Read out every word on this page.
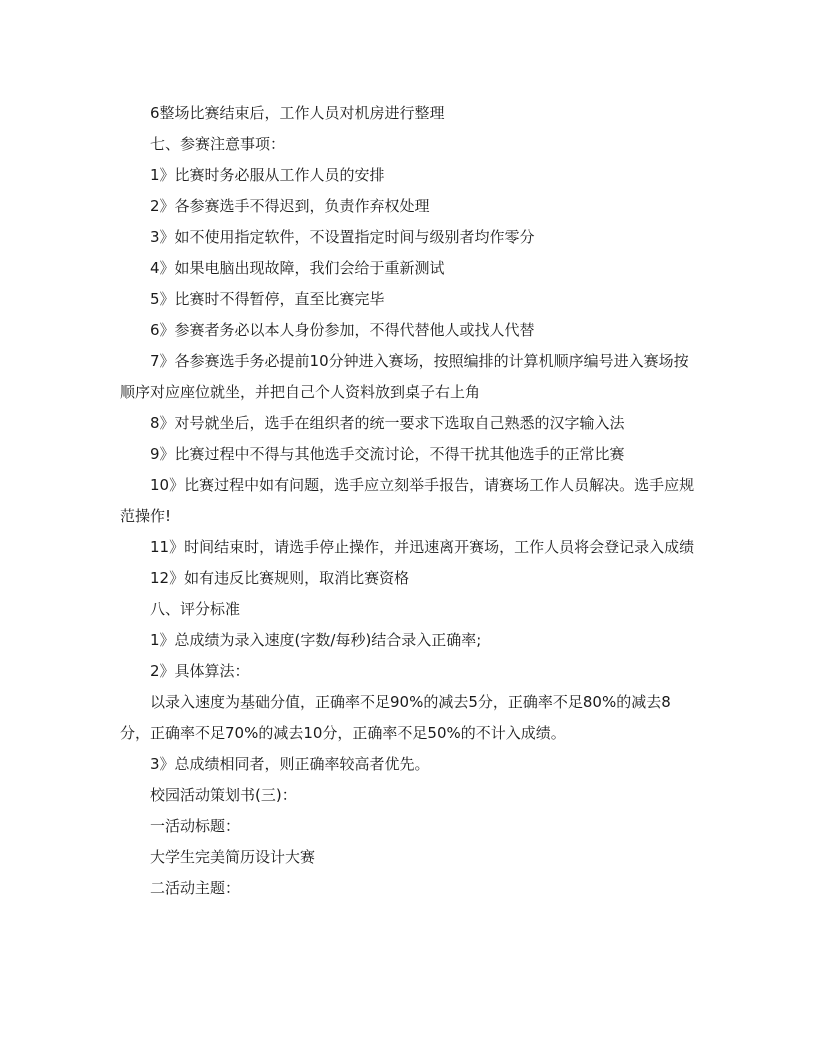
6整场比赛结束后，工作人员对机房进行整理

七、参赛注意事项：

1》比赛时务必服从工作人员的安排

2》各参赛选手不得迟到，负责作弃权处理

3》如不使用指定软件，不设置指定时间与级别者均作零分

4》如果电脑出现故障，我们会给于重新测试

5》比赛时不得暂停，直至比赛完毕

6》参赛者务必以本人身份参加，不得代替他人或找人代替

7》各参赛选手务必提前10分钟进入赛场，按照编排的计算机顺序编号进入赛场按顺序对应座位就坐，并把自己个人资料放到桌子右上角

8》对号就坐后，选手在组织者的统一要求下选取自己熟悉的汉字输入法

9》比赛过程中不得与其他选手交流讨论，不得干扰其他选手的正常比赛

10》比赛过程中如有问题，选手应立刻举手报告，请赛场工作人员解决。选手应规范操作!

11》时间结束时，请选手停止操作，并迅速离开赛场，工作人员将会登记录入成绩

12》如有违反比赛规则，取消比赛资格

八、评分标准

1》总成绩为录入速度(字数/每秒)结合录入正确率;

2》具体算法：

以录入速度为基础分值，正确率不足90%的减去5分，正确率不足80%的减去8分，正确率不足70%的减去10分，正确率不足50%的不计入成绩。

3》总成绩相同者，则正确率较高者优先。

校园活动策划书(三)：

一活动标题：

大学生完美简历设计大赛

二活动主题：
